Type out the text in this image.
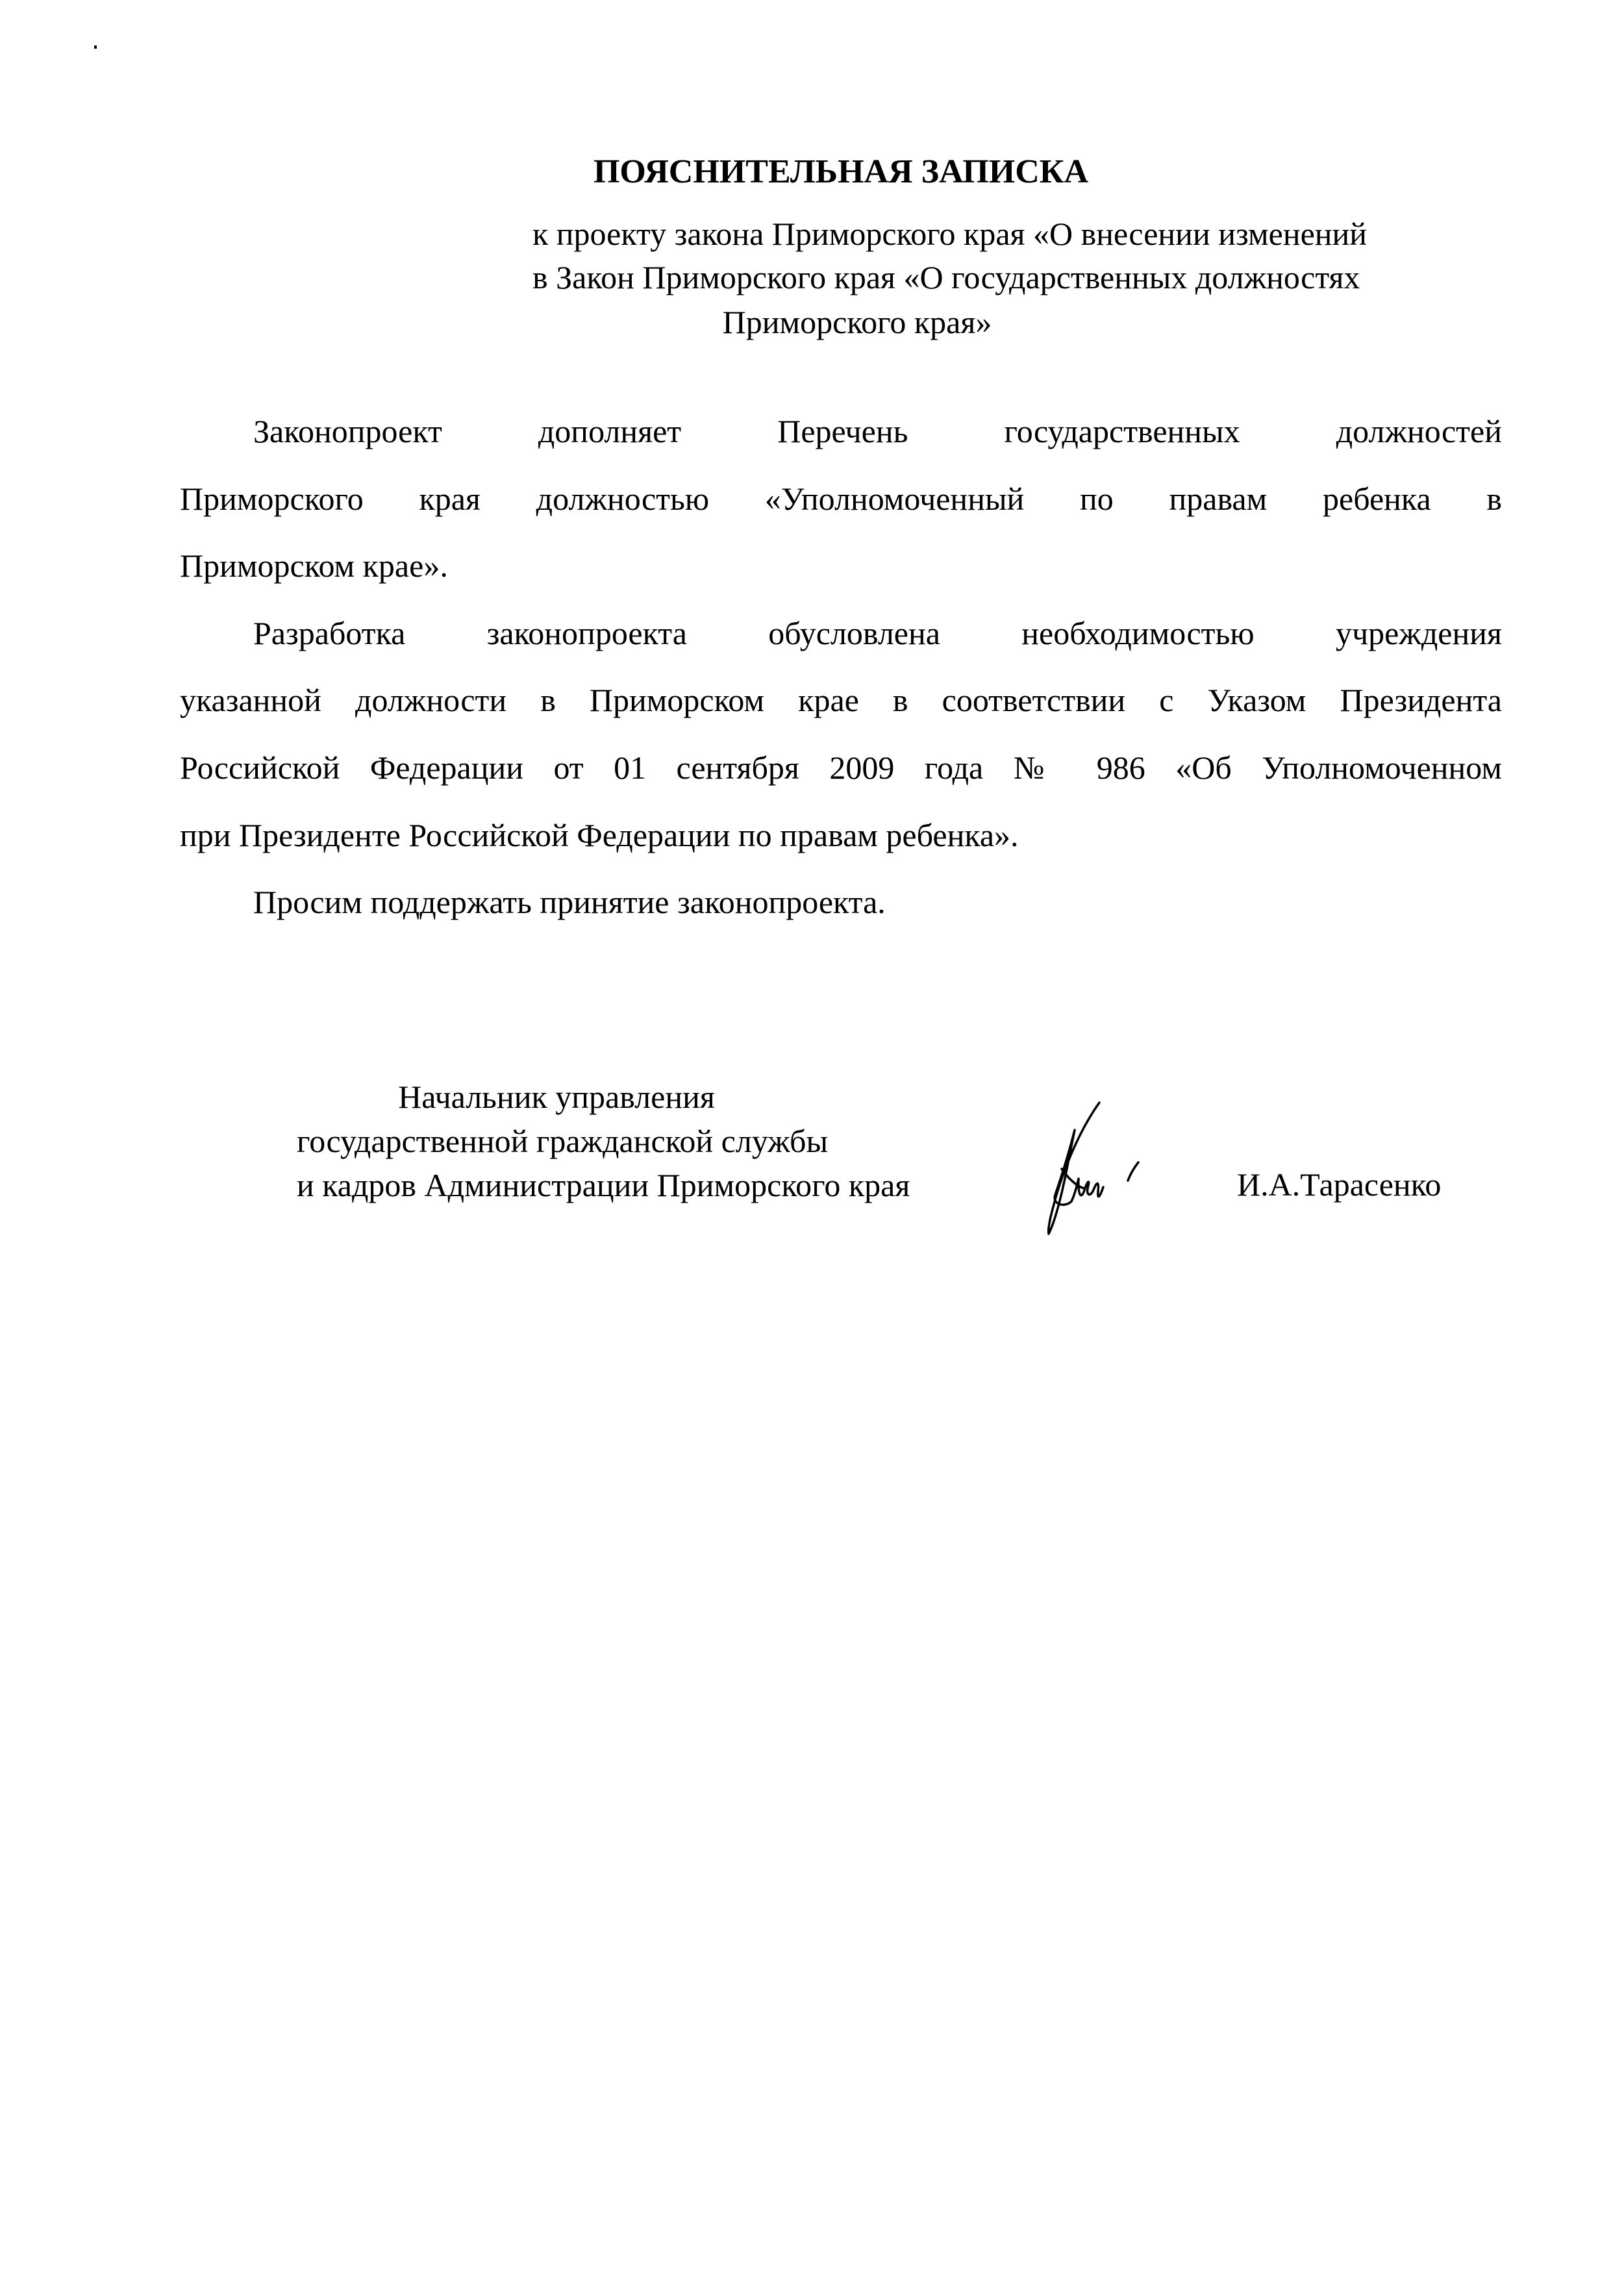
ПОЯСНИТЕЛЬНАЯ ЗАПИСКА
к проекту закона Приморского края «О внесении изменений
в Закон Приморского края «О государственных должностях
Приморского края»
Законопроект дополняет Перечень государственных должностей
Приморского края должностью «Уполномоченный по правам ребенка в
Приморском крае».
Разработка законопроекта обусловлена необходимостью учреждения
указанной должности в Приморском крае в соответствии с Указом Президента
Российской Федерации от 01 сентября 2009 года № 986 «Об Уполномоченном
при Президенте Российской Федерации по правам ребенка».
Просим поддержать принятие законопроекта.
Начальник управления
государственной гражданской службы
и кадров Администрации Приморского края	И.А.Тарасенко
